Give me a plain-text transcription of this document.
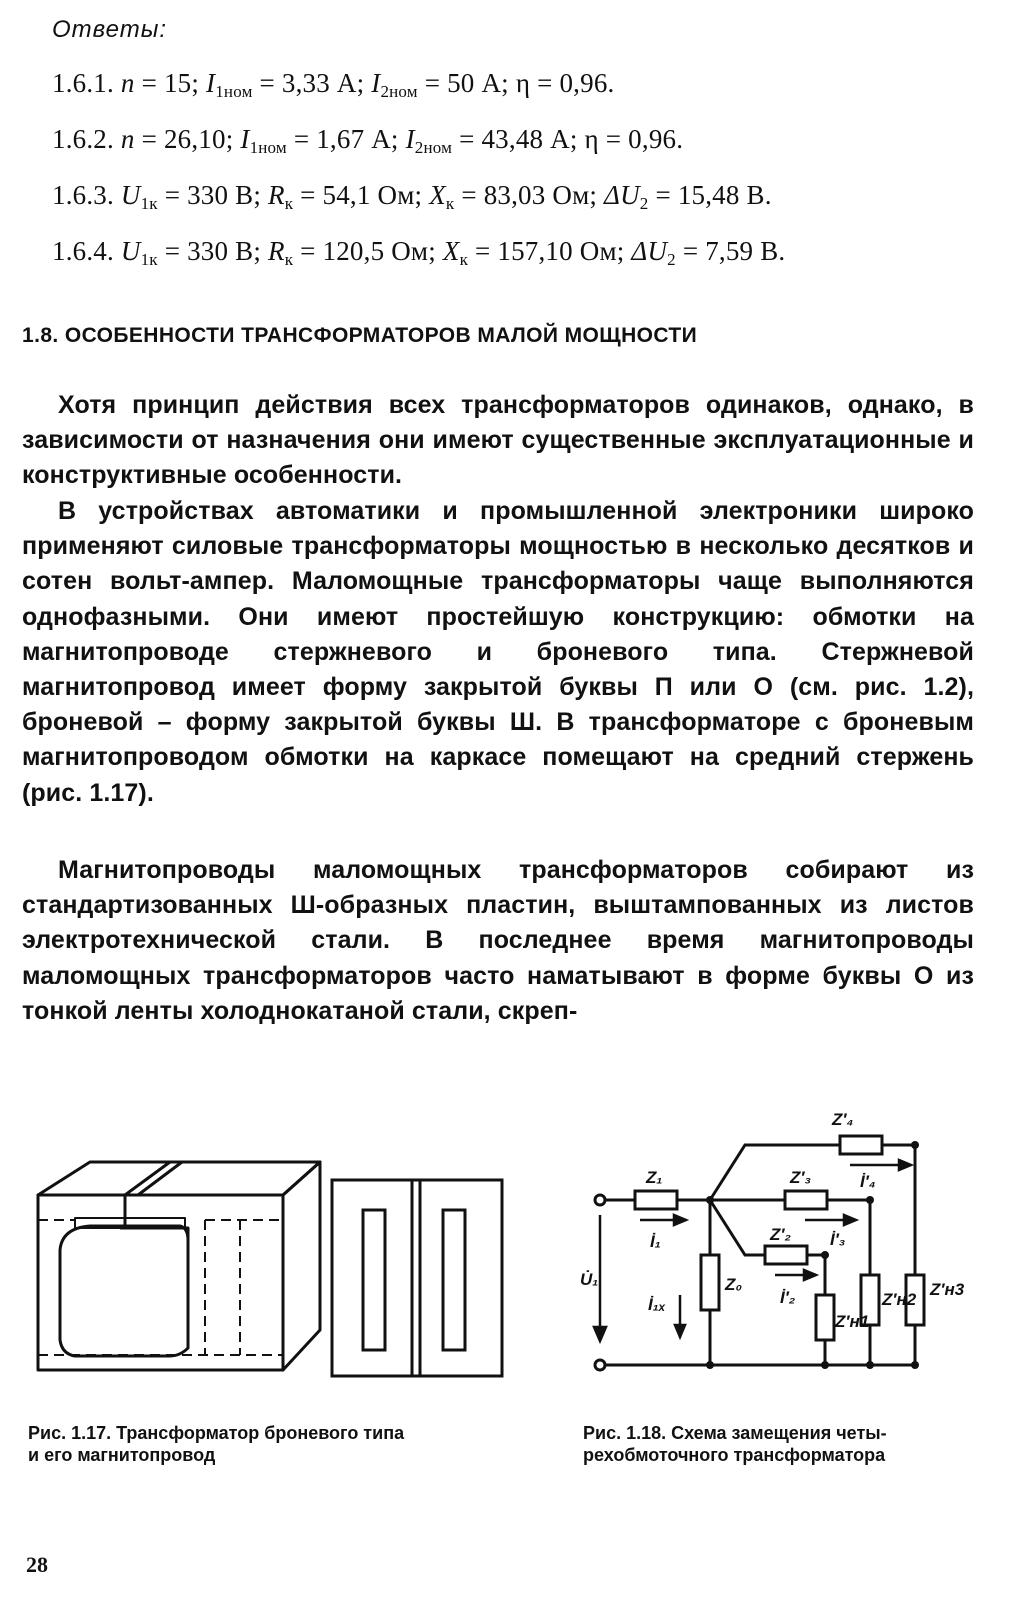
Ответы:
1.6.1. n = 15; $I_{1ном} = 3,33$ А; $I_{2ном} = 50$ А; η = 0,96.
1.6.2. n = 26,10; $I_{1ном} = 1,67$ А; $I_{2ном} = 43,48$ А; η = 0,96.
1.6.3. $U_{1к} = 330$ В; $R_к = 54,1$ Ом; $X_к = 83,03$ Ом; $\Delta U_2 = 15,48$ В.
1.6.4. $U_{1к} = 330$ В; $R_к = 120,5$ Ом; $X_к = 157,10$ Ом; $\Delta U_2 = 7,59$ В.
1.8. ОСОБЕННОСТИ ТРАНСФОРМАТОРОВ МАЛОЙ МОЩНОСТИ

Хотя принцип действия всех трансформаторов одинаков, однако, в зависимости от назначения они имеют существенные эксплуатационные и конструктивные особенности.

В устройствах автоматики и промышленной электроники широко применяют силовые трансформаторы мощностью в несколько десятков и сотен вольт-ампер. Маломощные трансформаторы чаще выполняются однофазными. Они имеют простейшую конструкцию: обмотки на магнитопроводе стержневого и броневого типа. Стержневой магнитопровод имеет форму закрытой буквы П или О (см. рис. 1.2), броневой – форму закрытой буквы Ш. В трансформаторе с броневым магнитопроводом обмотки на каркасе помещают на средний стержень (рис. 1.17).

Магнитопроводы маломощных трансформаторов собирают из стандартизованных Ш-образных пластин, выштампованных из листов электротехнической стали. В последнее время магнитопроводы маломощных трансформаторов часто наматывают в форме буквы О из тонкой ленты холоднокатаной стали, скреп-

Рис. 1.17. Трансформатор броневого типа
и его магнитопровод
Z₁
İ₁
U̇₁
İ₁ₓ
Z₀
Z′₂
İ′₂
Z′н1
Z′₃
İ′₃
Z′н2
Z′₄
İ′₄
Z′н3
Рис. 1.18. Схема замещения четы-
рехобмоточного трансформатора
28
